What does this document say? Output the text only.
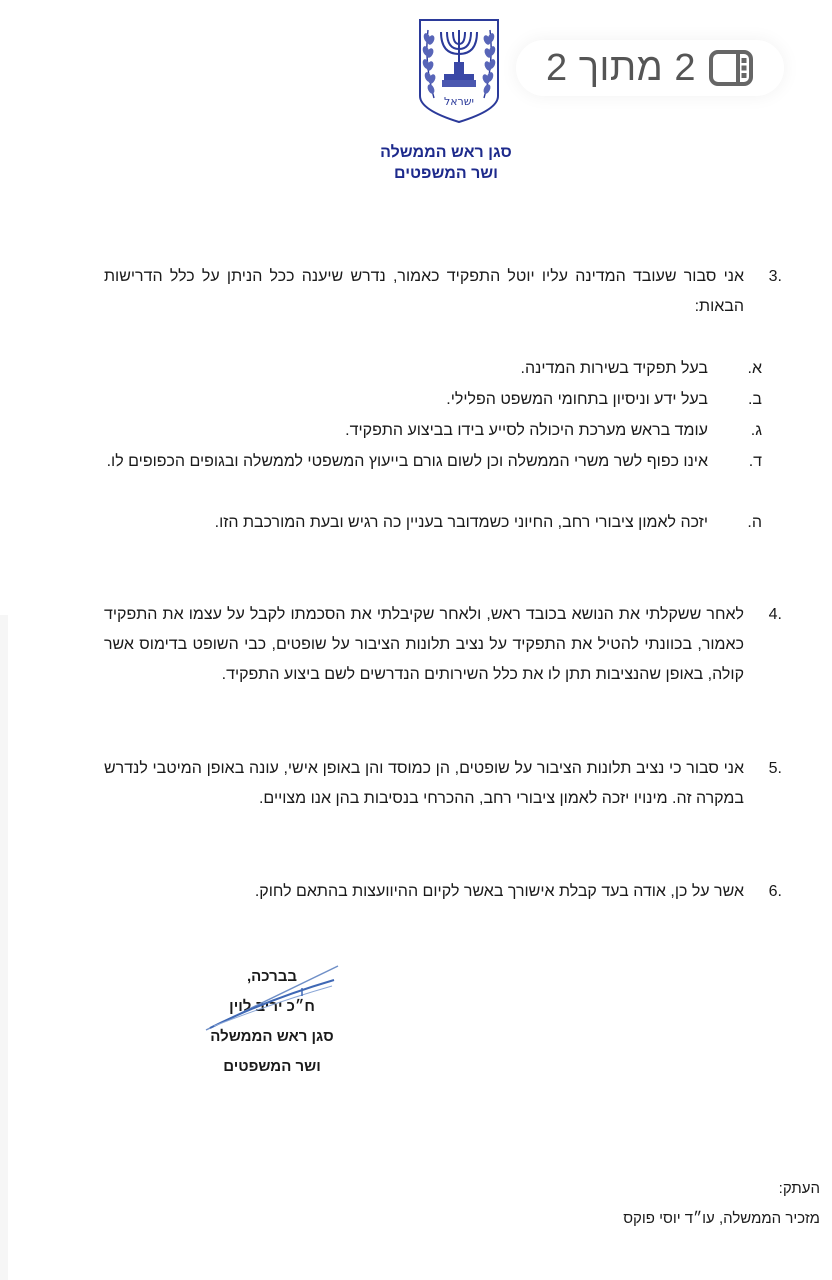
ישראל
סגן ראש הממשלה
ושר המשפטים
2 מתוך 2
3.
אני סבור שעובד המדינה עליו יוטל התפקיד כאמור, נדרש שיענה ככל הניתן על כלל הדרישות הבאות:
א.
בעל תפקיד בשירות המדינה.
ב.
בעל ידע וניסיון בתחומי המשפט הפלילי.
ג.
עומד בראש מערכת היכולה לסייע בידו בביצוע התפקיד.
ד.
אינו כפוף לשר משרי הממשלה וכן לשום גורם בייעוץ המשפטי לממשלה ובגופים הכפופים לו.
ה.
יזכה לאמון ציבורי רחב, החיוני כשמדובר בעניין כה רגיש ובעת המורכבת הזו.
4.
לאחר ששקלתי את הנושא בכובד ראש, ולאחר שקיבלתי את הסכמתו לקבל על עצמו את התפקיד כאמור, בכוונתי להטיל את התפקיד על נציב תלונות הציבור על שופטים, כבי השופט בדימוס אשר קולה, באופן שהנציבות תתן לו את כלל השירותים הנדרשים לשם ביצוע התפקיד.
5.
אני סבור כי נציב תלונות הציבור על שופטים, הן כמוסד והן באופן אישי, עונה באופן המיטבי לנדרש במקרה זה. מינויו יזכה לאמון ציבורי רחב, ההכרחי בנסיבות בהן אנו מצויים.
6.
אשר על כן, אודה בעד קבלת אישורך באשר לקיום ההיוועצות בהתאם לחוק.
בברכה,
ח״כ יריב לוין
סגן ראש הממשלה
ושר המשפטים
העתק:
מזכיר הממשלה, עו״ד יוסי פוקס
